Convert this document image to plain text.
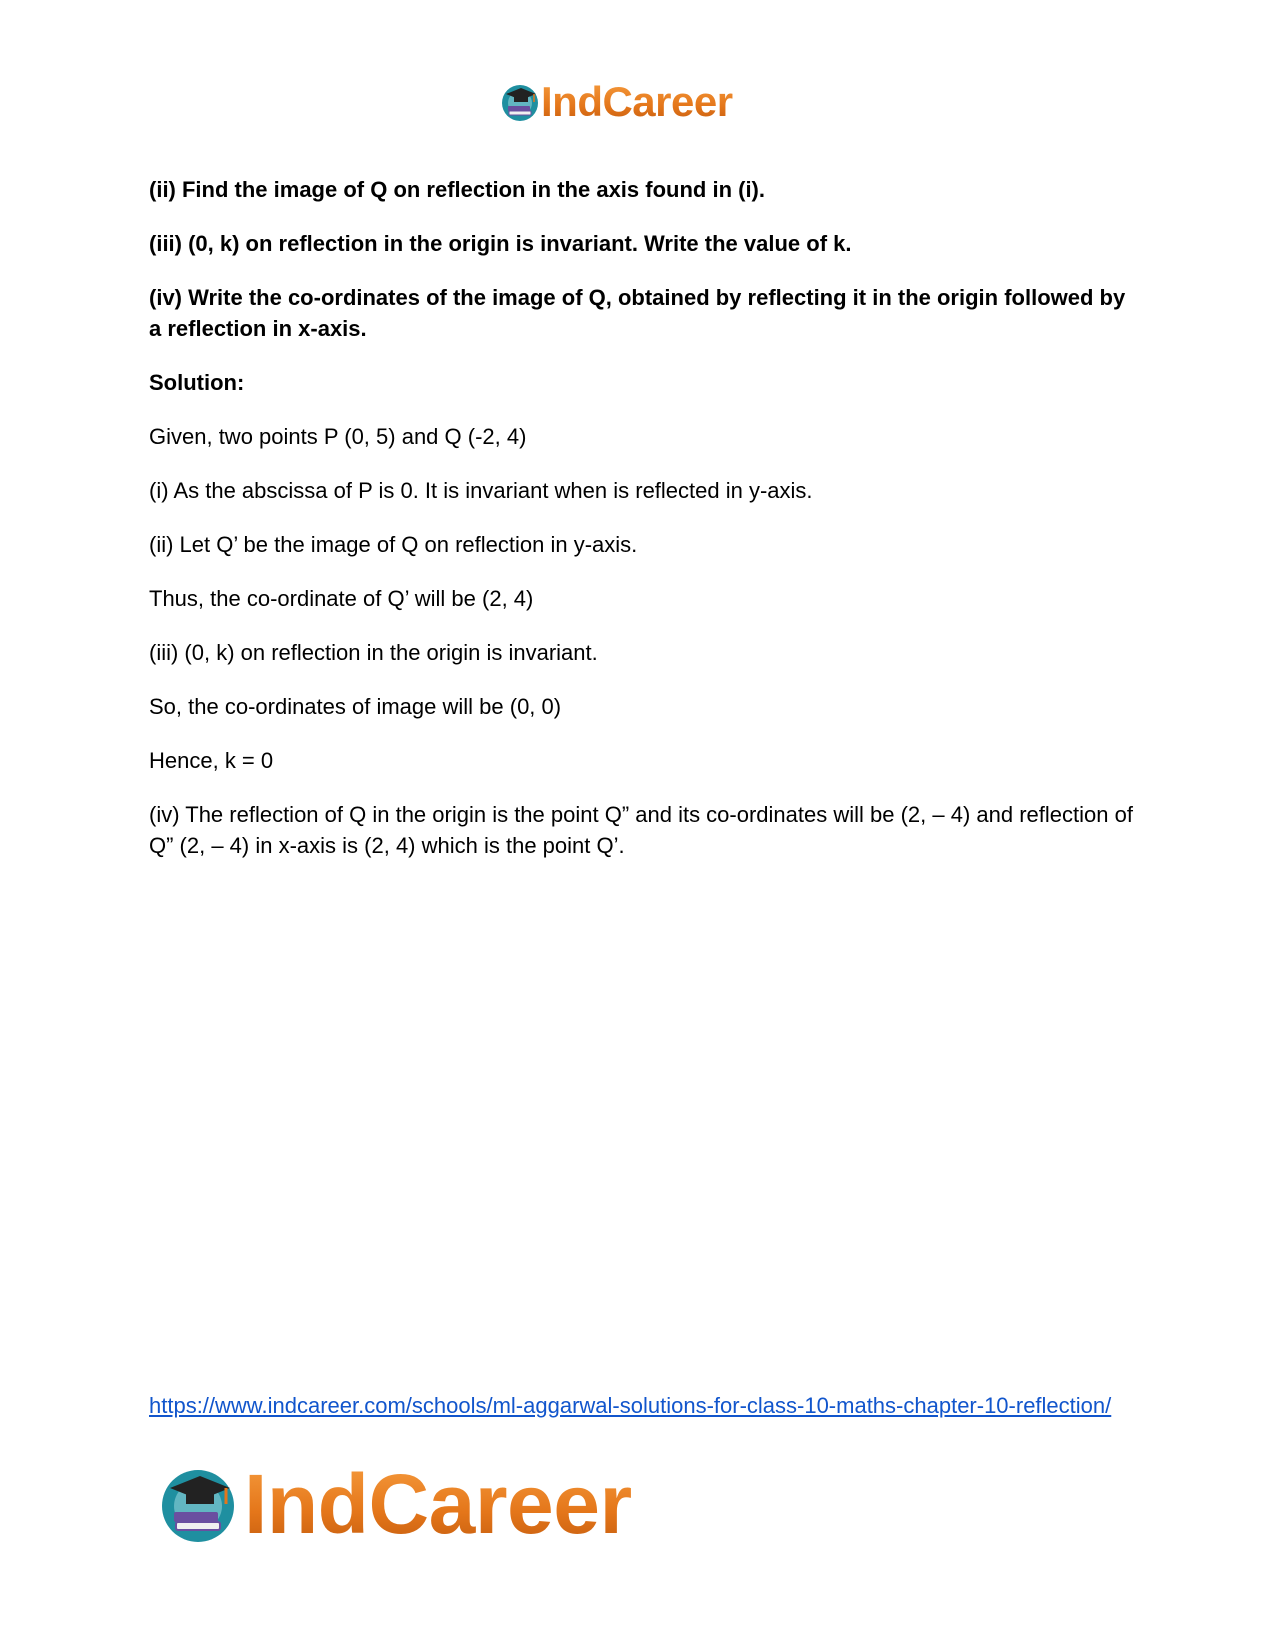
IndCareer

(ii) Find the image of Q on reflection in the axis found in (i).

(iii) (0, k) on reflection in the origin is invariant. Write the value of k.

(iv) Write the co-ordinates of the image of Q, obtained by reflecting it in the origin followed by a reflection in x-axis.

Solution:

Given, two points P (0, 5) and Q (-2, 4)

(i) As the abscissa of P is 0. It is invariant when is reflected in y-axis.

(ii) Let Q’ be the image of Q on reflection in y-axis.

Thus, the co-ordinate of Q’ will be (2, 4)

(iii) (0, k) on reflection in the origin is invariant.

So, the co-ordinates of image will be (0, 0)

Hence, k = 0

(iv) The reflection of Q in the origin is the point Q” and its co-ordinates will be (2, – 4) and reflection of Q” (2, – 4) in x-axis is (2, 4) which is the point Q’.

https://www.indcareer.com/schools/ml-aggarwal-solutions-for-class-10-maths-chapter-10-reflection/
IndCareer
